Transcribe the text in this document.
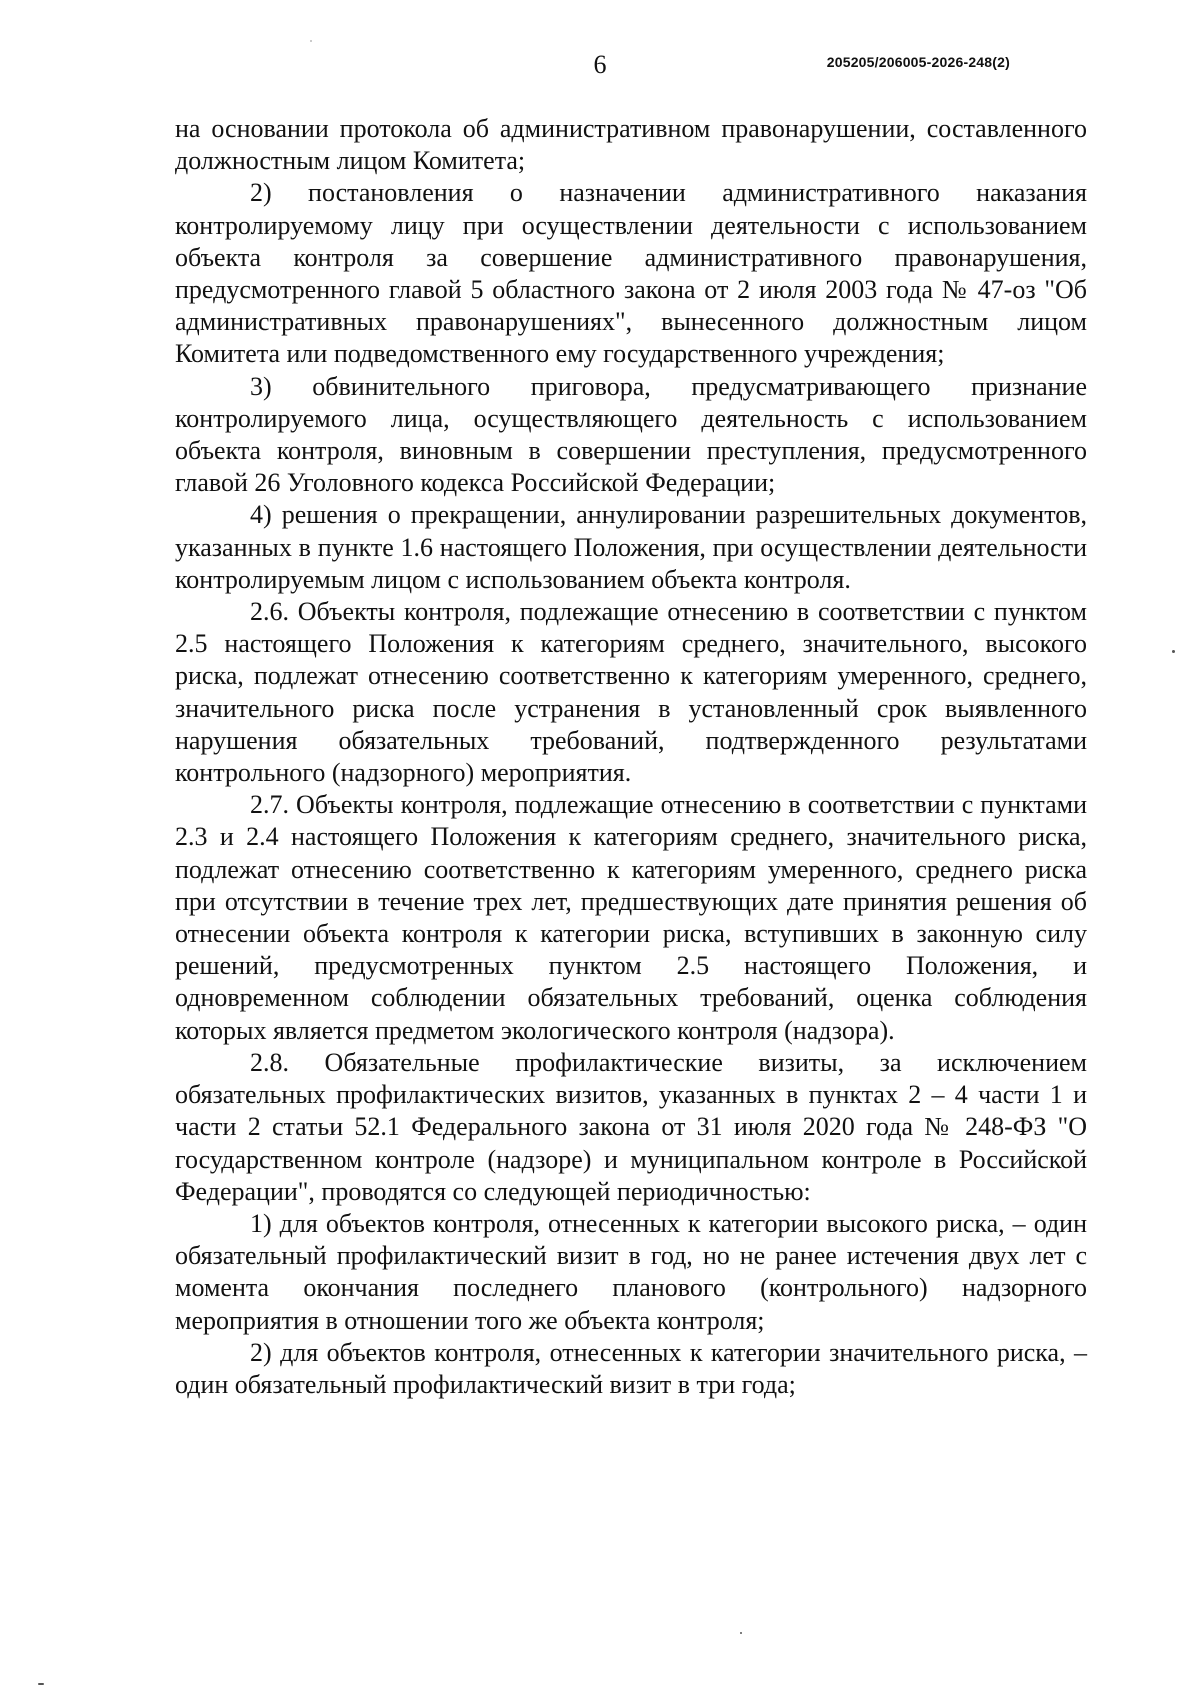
6	205205/206005-2026-248(2)

на основании протокола об административном правонарушении, составленного должностным лицом Комитета;

2) постановления о назначении административного наказания контролируемому лицу при осуществлении деятельности с использованием объекта контроля за совершение административного правонарушения, предусмотренного главой 5 областного закона от 2 июля 2003 года № 47-оз "Об административных правонарушениях", вынесенного должностным лицом Комитета или подведомственного ему государственного учреждения;

3) обвинительного приговора, предусматривающего признание контролируемого лица, осуществляющего деятельность с использованием объекта контроля, виновным в совершении преступления, предусмотренного главой 26 Уголовного кодекса Российской Федерации;

4) решения о прекращении, аннулировании разрешительных документов, указанных в пункте 1.6 настоящего Положения, при осуществлении деятельности контролируемым лицом с использованием объекта контроля.

2.6. Объекты контроля, подлежащие отнесению в соответствии с пунктом 2.5 настоящего Положения к категориям среднего, значительного, высокого риска, подлежат отнесению соответственно к категориям умеренного, среднего, значительного риска после устранения в установленный срок выявленного нарушения обязательных требований, подтвержденного результатами контрольного (надзорного) мероприятия.

2.7. Объекты контроля, подлежащие отнесению в соответствии с пунктами 2.3 и 2.4 настоящего Положения к категориям среднего, значительного риска, подлежат отнесению соответственно к категориям умеренного, среднего риска при отсутствии в течение трех лет, предшествующих дате принятия решения об отнесении объекта контроля к категории риска, вступивших в законную силу решений, предусмотренных пунктом 2.5 настоящего Положения, и одновременном соблюдении обязательных требований, оценка соблюдения которых является предметом экологического контроля (надзора).

2.8. Обязательные профилактические визиты, за исключением обязательных профилактических визитов, указанных в пунктах 2 – 4 части 1 и части 2 статьи 52.1 Федерального закона от 31 июля 2020 года № 248-ФЗ "О государственном контроле (надзоре) и муниципальном контроле в Российской Федерации", проводятся со следующей периодичностью:

1) для объектов контроля, отнесенных к категории высокого риска, – один обязательный профилактический визит в год, но не ранее истечения двух лет с момента окончания последнего планового (контрольного) надзорного мероприятия в отношении того же объекта контроля;

2) для объектов контроля, отнесенных к категории значительного риска, – один обязательный профилактический визит в три года;
